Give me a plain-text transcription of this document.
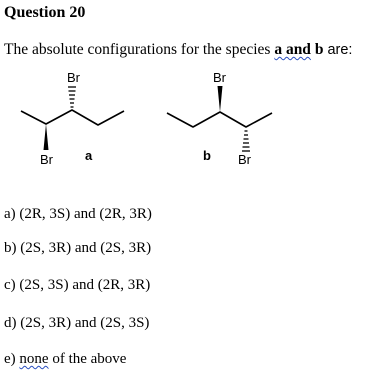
Question 20
The absolute configurations for the species a and b are:
Br
Br a
Br
Br
b
a) (2R, 3S) and (2R, 3R)
b) (2S, 3R) and (2S, 3R)
c) (2S, 3S) and (2R, 3R)
d) (2S, 3R) and (2S, 3S)
e) none of the above
